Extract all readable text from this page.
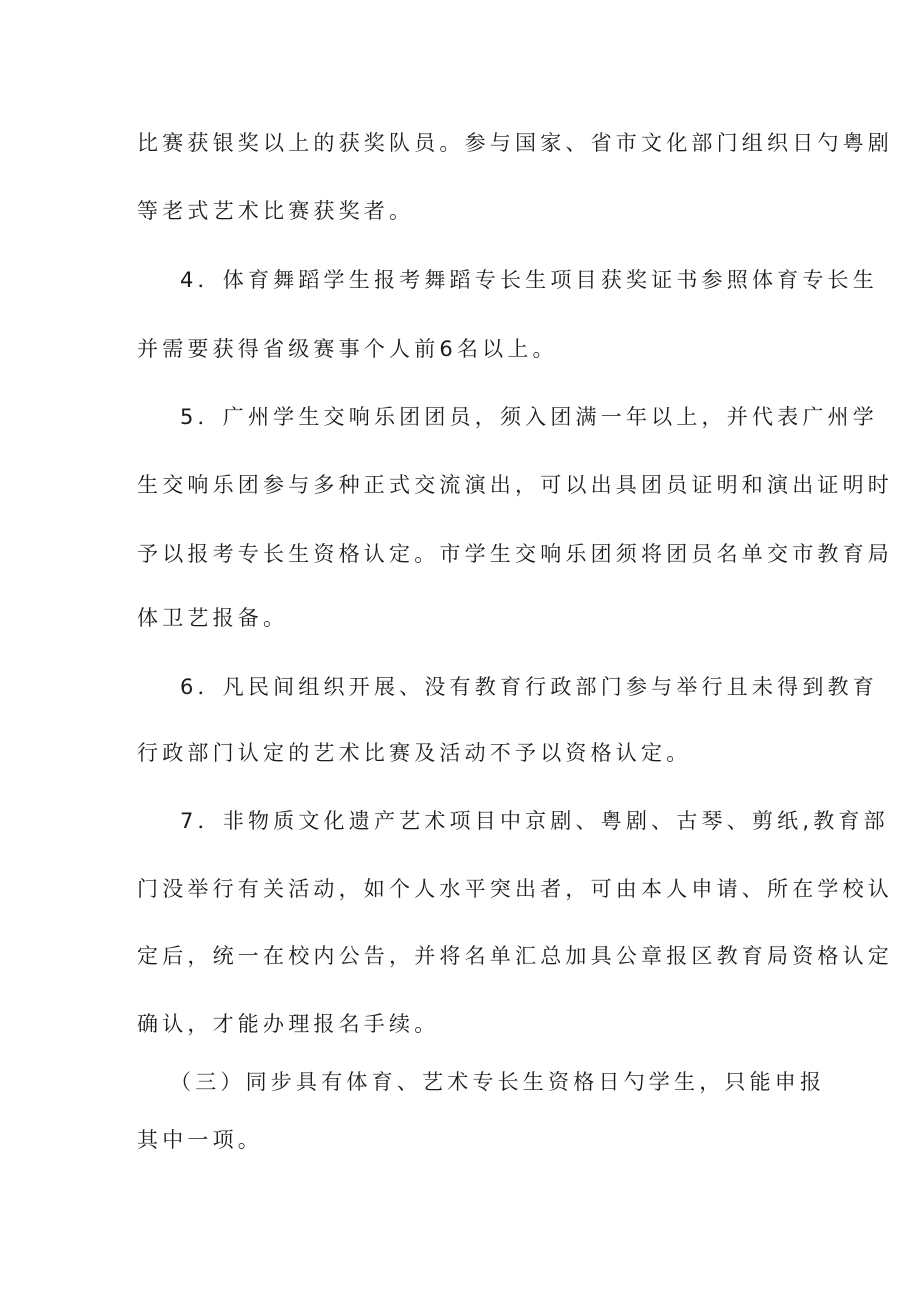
比赛获银奖以上的获奖队员。参与国家、省市文化部门组织日勺粤剧
等老式艺术比赛获奖者。
4．体育舞蹈学生报考舞蹈专长生项目获奖证书参照体育专长生
并需要获得省级赛事个人前6名以上。
5．广州学生交响乐团团员，须入团满一年以上，并代表广州学
生交响乐团参与多种正式交流演出，可以出具团员证明和演出证明时
予以报考专长生资格认定。市学生交响乐团须将团员名单交市教育局
体卫艺报备。
6．凡民间组织开展、没有教育行政部门参与举行且未得到教育
行政部门认定的艺术比赛及活动不予以资格认定。
7．非物质文化遗产艺术项目中京剧、粤剧、古琴、剪纸,教育部
门没举行有关活动，如个人水平突出者，可由本人申请、所在学校认
定后，统一在校内公告，并将名单汇总加具公章报区教育局资格认定
确认，才能办理报名手续。
（三）同步具有体育、艺术专长生资格日勺学生，只能申报
其中一项。
